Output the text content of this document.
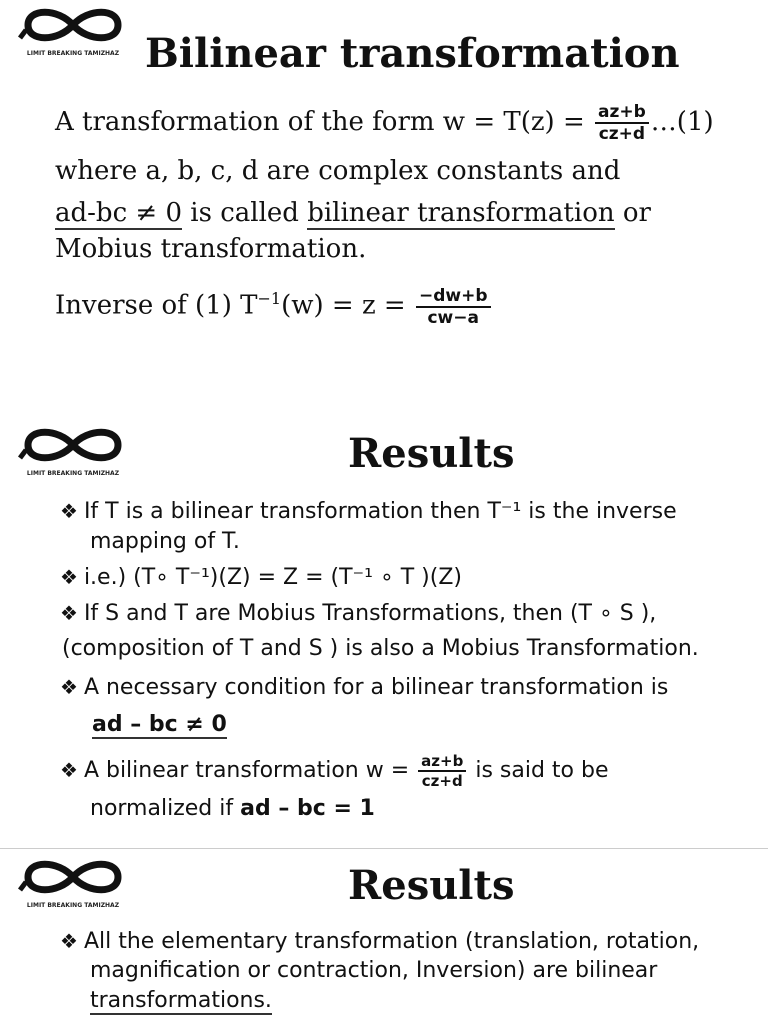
LIMIT BREAKING TAMIZHAZ Bilinear transformation
A transformation of the form $w = T(z) = \frac{az+b}{cz+d}$ …(1)
where a, b, c, d are complex constants and
ad-bc ≠ 0 is called bilinear transformation or
Mobius transformation.
Inverse of (1) $T^{-1}(w) = z = \frac{-dw+b}{cw-a}$
LIMIT BREAKING TAMIZHAZ	Results
❖ If T is a bilinear transformation then T⁻¹ is the inverse
mapping of T.
❖ i.e.) (T∘ T⁻¹)(Z) = Z = (T⁻¹ ∘ T )(Z)
❖ If S and T are Mobius Transformations, then (T ∘ S ),
(composition of T and S ) is also a Mobius Transformation.
❖ A necessary condition for a bilinear transformation is
ad – bc ≠ 0
❖ A bilinear transformation $w = \frac{az+b}{cz+d}$ is said to be
normalized if ad – bc = 1
LIMIT BREAKING TAMIZHAZ	Results
❖ All the elementary transformation (translation, rotation,
magnification or contraction, Inversion) are bilinear
transformations.
